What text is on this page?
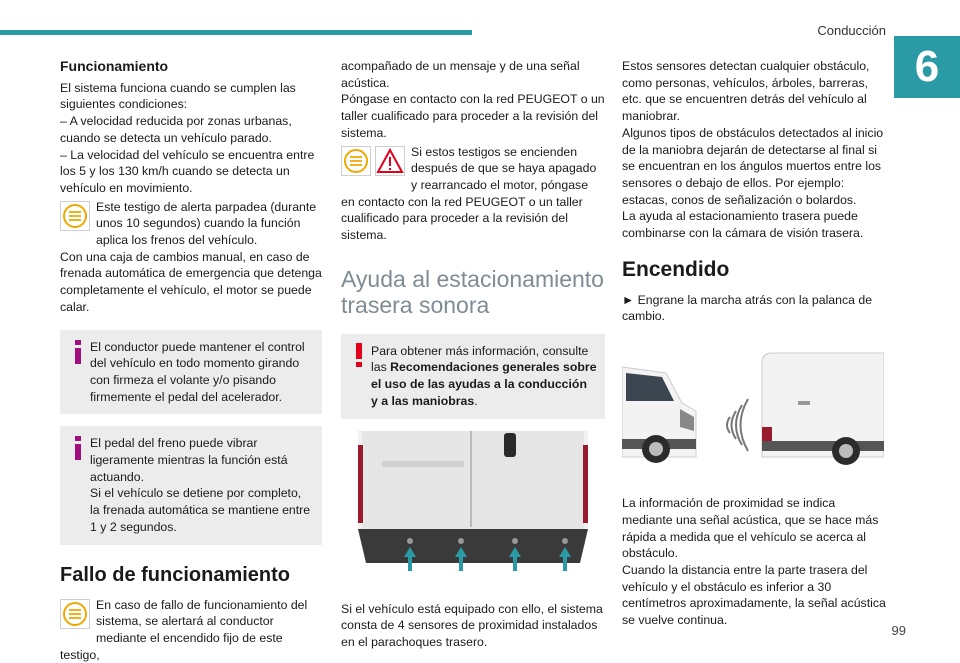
Conducción
6

Funcionamiento

El sistema funciona cuando se cumplen las siguientes condiciones:

– A velocidad reducida por zonas urbanas, cuando se detecta un vehículo parado.

– La velocidad del vehículo se encuentra entre los 5 y los 130 km/h cuando se detecta un vehículo en movimiento.

Este testigo de alerta parpadea (durante unos 10 segundos) cuando la función aplica los frenos del vehículo.

Con una caja de cambios manual, en caso de frenada automática de emergencia que detenga completamente el vehículo, el motor se puede calar.

El conductor puede mantener el control del vehículo en todo momento girando con firmeza el volante y/o pisando firmemente el pedal del acelerador.

El pedal del freno puede vibrar ligeramente mientras la función está actuando.

Si el vehículo se detiene por completo, la frenada automática se mantiene entre 1 y 2 segundos.

Fallo de funcionamiento

En caso de fallo de funcionamiento del sistema, se alertará al conductor mediante el encendido fijo de este testigo,

acompañado de un mensaje y de una señal acústica.

Póngase en contacto con la red PEUGEOT o un taller cualificado para proceder a la revisión del sistema.

Si estos testigos se encienden después de que se haya apagado y rearrancado el motor, póngase en contacto con la red PEUGEOT o un taller cualificado para proceder a la revisión del sistema.

Ayuda al estacionamiento trasera sonora

Para obtener más información, consulte las Recomendaciones generales sobre el uso de las ayudas a la conducción y a las maniobras.

Si el vehículo está equipado con ello, el sistema consta de 4 sensores de proximidad instalados en el parachoques trasero.

Estos sensores detectan cualquier obstáculo, como personas, vehículos, árboles, barreras, etc. que se encuentren detrás del vehículo al maniobrar.

Algunos tipos de obstáculos detectados al inicio de la maniobra dejarán de detectarse al final si se encuentran en los ángulos muertos entre los sensores o debajo de ellos. Por ejemplo: estacas, conos de señalización o bolardos.

La ayuda al estacionamiento trasera puede combinarse con la cámara de visión trasera.

Encendido

► Engrane la marcha atrás con la palanca de cambio.

La información de proximidad se indica mediante una señal acústica, que se hace más rápida a medida que el vehículo se acerca al obstáculo.

Cuando la distancia entre la parte trasera del vehículo y el obstáculo es inferior a 30 centímetros aproximadamente, la señal acústica se vuelve continua.

99
